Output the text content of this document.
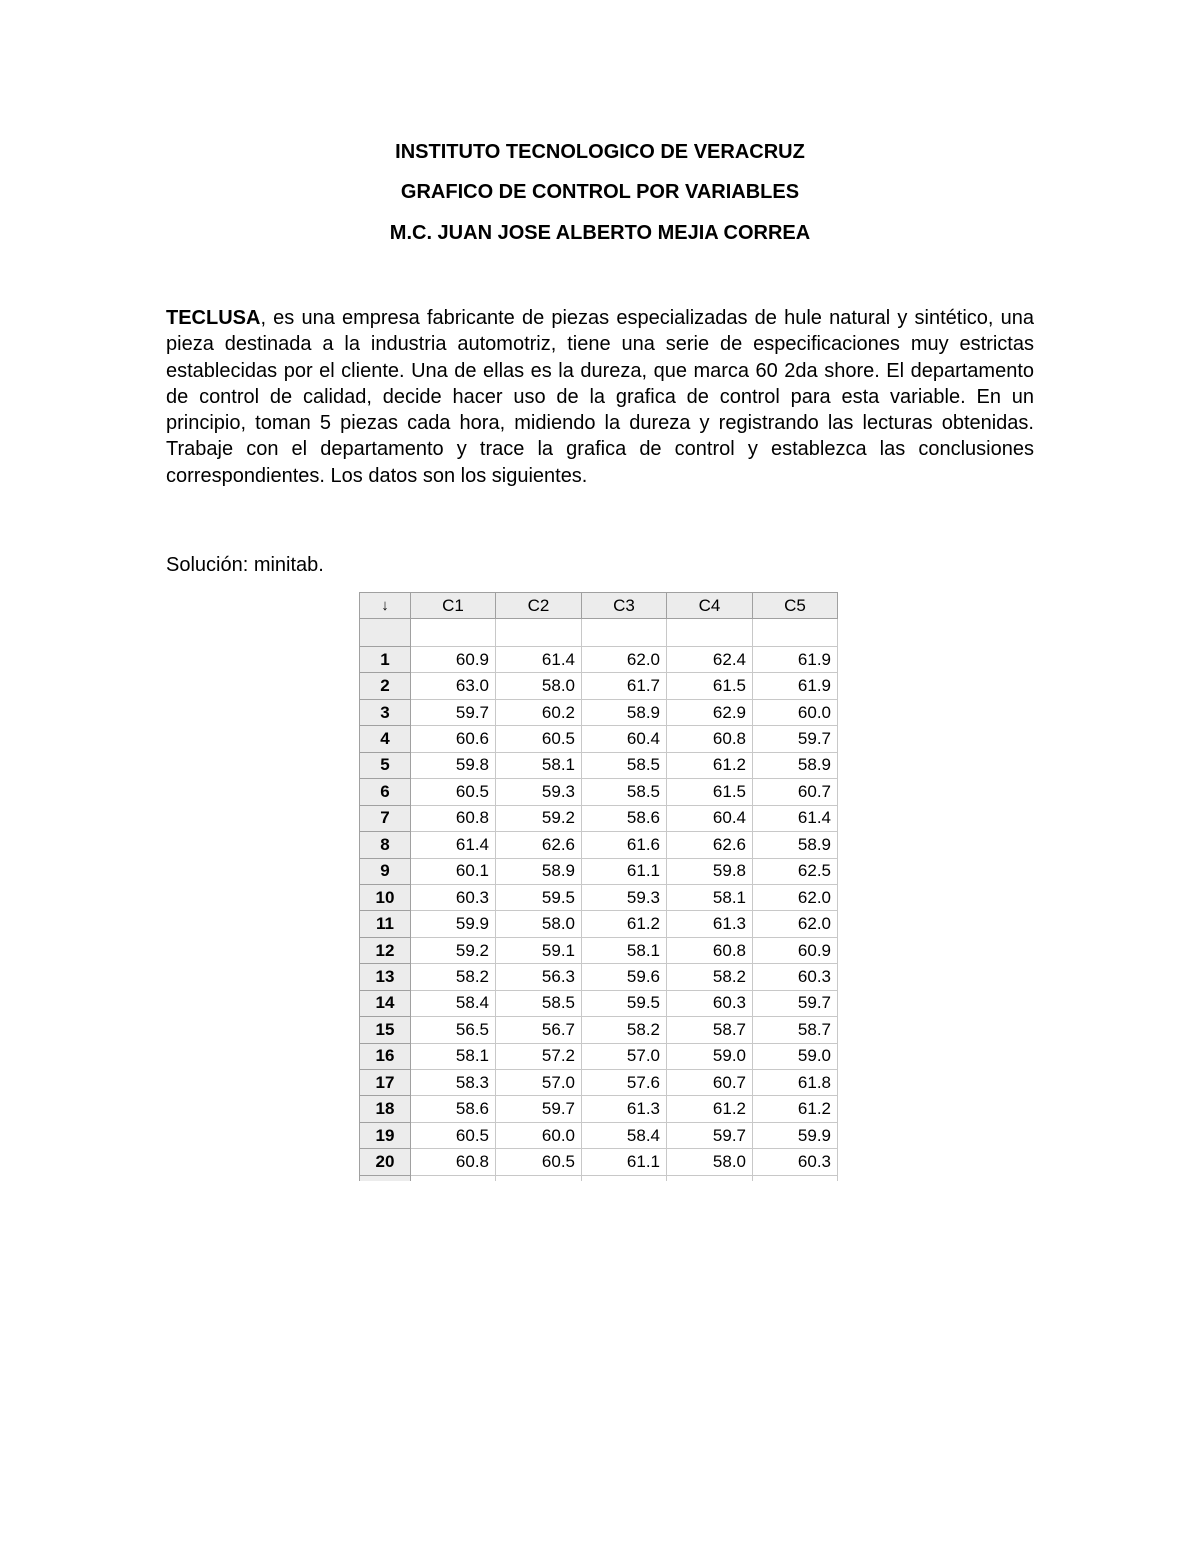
INSTITUTO TECNOLOGICO DE VERACRUZ
GRAFICO DE CONTROL POR VARIABLES
M.C. JUAN JOSE ALBERTO MEJIA CORREA
TECLUSA, es una empresa fabricante de piezas especializadas de hule natural y sintético, una pieza destinada a la industria automotriz, tiene una serie de especificaciones muy estrictas establecidas por el cliente. Una de ellas es la dureza, que marca 60 2da shore. El departamento de control de calidad, decide hacer uso de la grafica de control para esta variable. En un principio, toman 5 piezas cada hora, midiendo la dureza y registrando las lecturas obtenidas. Trabaje con el departamento y trace la grafica de control y establezca las conclusiones correspondientes. Los datos son los siguientes.
Solución: minitab.
↓	C1	C2	C3	C4	C5

1	60.9	61.4	62.0	62.4	61.9
2	63.0	58.0	61.7	61.5	61.9
3	59.7	60.2	58.9	62.9	60.0
4	60.6	60.5	60.4	60.8	59.7
5	59.8	58.1	58.5	61.2	58.9
6	60.5	59.3	58.5	61.5	60.7
7	60.8	59.2	58.6	60.4	61.4
8	61.4	62.6	61.6	62.6	58.9
9	60.1	58.9	61.1	59.8	62.5
10	60.3	59.5	59.3	58.1	62.0
11	59.9	58.0	61.2	61.3	62.0
12	59.2	59.1	58.1	60.8	60.9
13	58.2	56.3	59.6	58.2	60.3
14	58.4	58.5	59.5	60.3	59.7
15	56.5	56.7	58.2	58.7	58.7
16	58.1	57.2	57.0	59.0	59.0
17	58.3	57.0	57.6	60.7	61.8
18	58.6	59.7	61.3	61.2	61.2
19	60.5	60.0	58.4	59.7	59.9
20	60.8	60.5	61.1	58.0	60.3
